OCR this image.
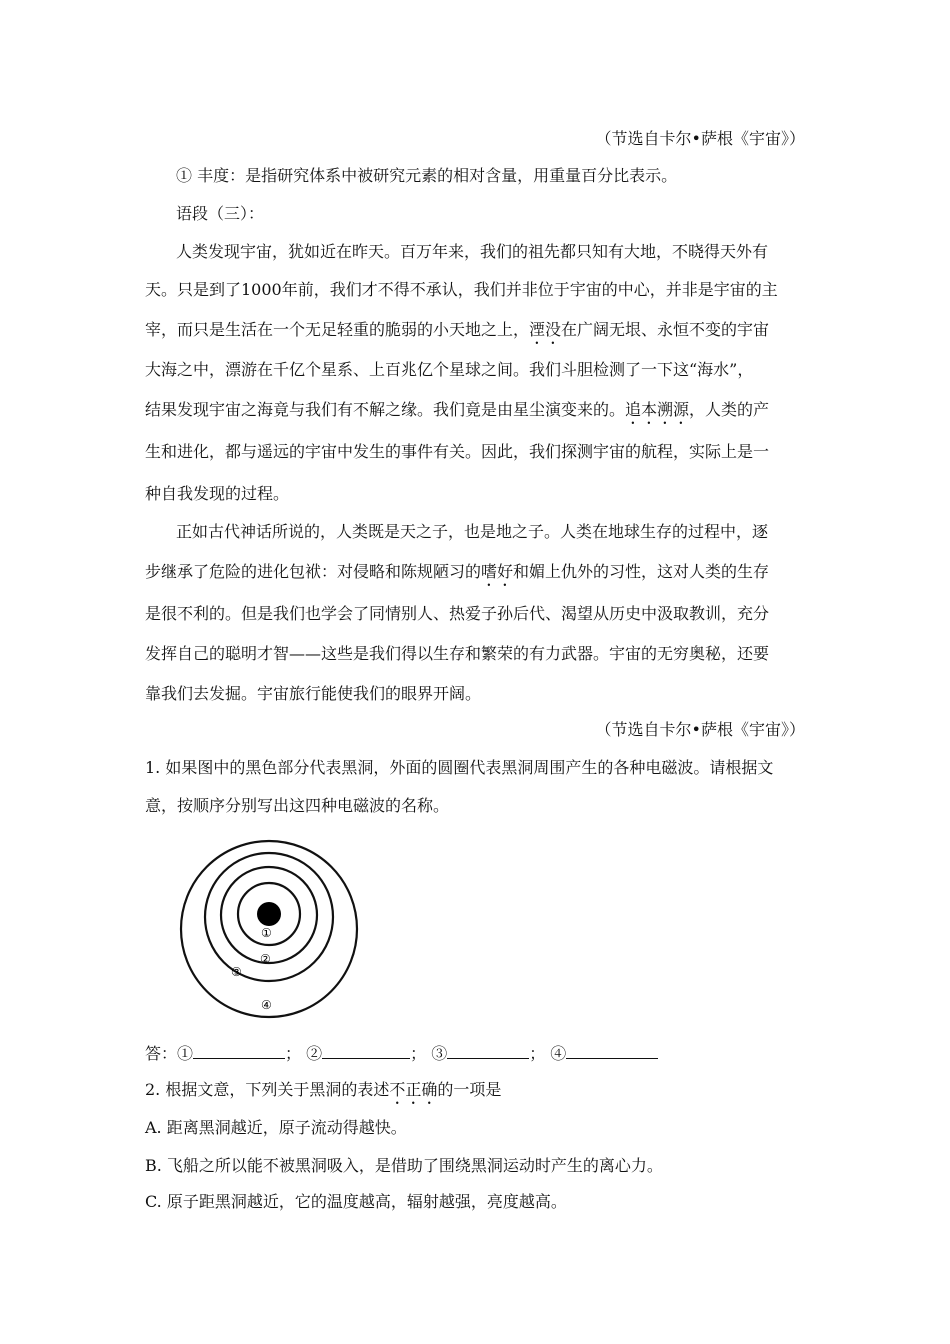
（节选自卡尔•萨根《宇宙》）
① 丰度：是指研究体系中被研究元素的相对含量，用重量百分比表示。
语段（三）：
人类发现宇宙，犹如近在昨天。百万年来，我们的祖先都只知有大地，不晓得天外有
天。只是到了1000年前，我们才不得不承认，我们并非位于宇宙的中心，并非是宇宙的主
宰，而只是生活在一个无足轻重的脆弱的小天地之上，湮没在广阔无垠、永恒不变的宇宙
大海之中，漂游在千亿个星系、上百兆亿个星球之间。我们斗胆检测了一下这“海水”，
结果发现宇宙之海竟与我们有不解之缘。我们竟是由星尘演变来的。追本溯源，人类的产
生和进化，都与遥远的宇宙中发生的事件有关。因此，我们探测宇宙的航程，实际上是一
种自我发现的过程。
正如古代神话所说的，人类既是天之子，也是地之子。人类在地球生存的过程中，逐
步继承了危险的进化包袱：对侵略和陈规陋习的嗜好和媚上仇外的习性，这对人类的生存
是很不利的。但是我们也学会了同情别人、热爱子孙后代、渴望从历史中汲取教训，充分
发挥自己的聪明才智——这些是我们得以生存和繁荣的有力武器。宇宙的无穷奥秘，还要
靠我们去发掘。宇宙旅行能使我们的眼界开阔。
（节选自卡尔•萨根《宇宙》）
1. 如果图中的黑色部分代表黑洞，外面的圆圈代表黑洞周围产生的各种电磁波。请根据文
意，按顺序分别写出这四种电磁波的名称。
①
②
③
④
答：①	； ②	； ③	； ④
2. 根据文意，下列关于黑洞的表述不正确的一项是
A. 距离黑洞越近，原子流动得越快。
B. 飞船之所以能不被黑洞吸入，是借助了围绕黑洞运动时产生的离心力。
C. 原子距黑洞越近，它的温度越高，辐射越强，亮度越高。
